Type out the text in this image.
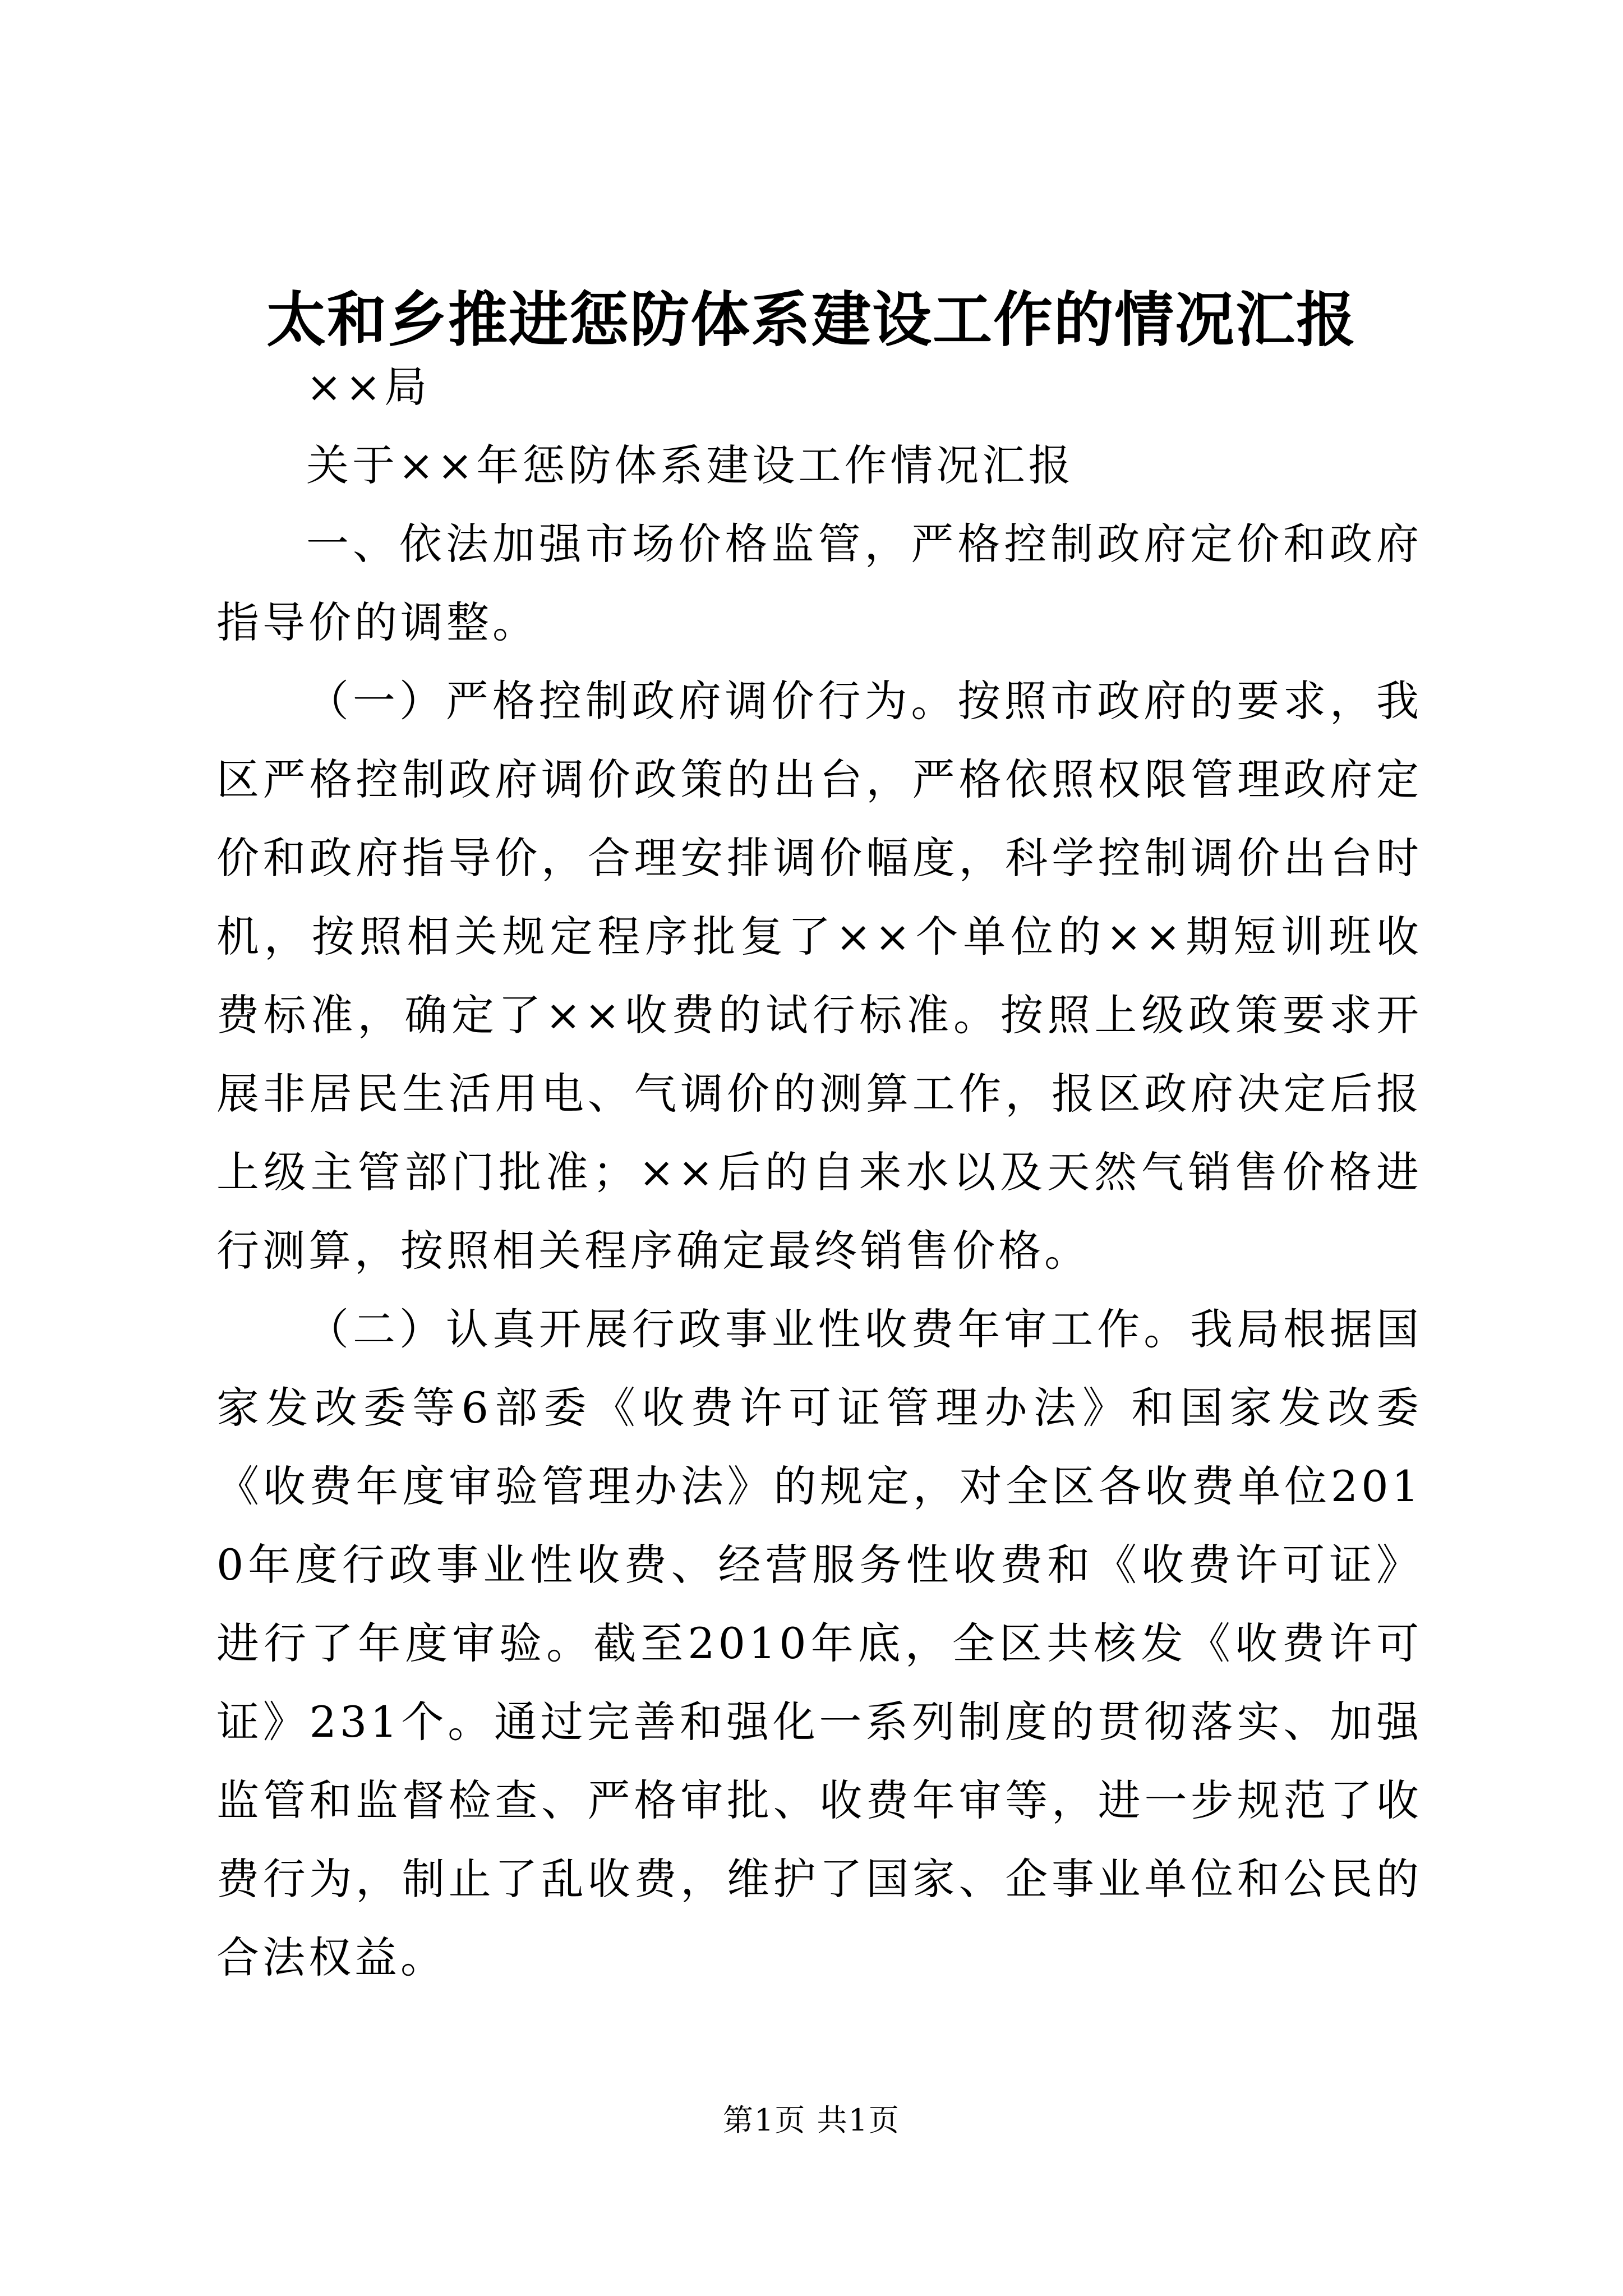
太和乡推进惩防体系建设工作的情况汇报

××局

关于××年惩防体系建设工作情况汇报

一、依法加强市场价格监管，严格控制政府定价和政府指导价的调整。

（一）严格控制政府调价行为。按照市政府的要求，我区严格控制政府调价政策的出台，严格依照权限管理政府定价和政府指导价，合理安排调价幅度，科学控制调价出台时机，按照相关规定程序批复了××个单位的××期短训班收费标准，确定了××收费的试行标准。按照上级政策要求开展非居民生活用电、气调价的测算工作，报区政府决定后报上级主管部门批准；××后的自来水以及天然气销售价格进行测算，按照相关程序确定最终销售价格。

（二）认真开展行政事业性收费年审工作。我局根据国家发改委等6部委《收费许可证管理办法》和国家发改委《收费年度审验管理办法》的规定，对全区各收费单位2010年度行政事业性收费、经营服务性收费和《收费许可证》进行了年度审验。截至2010年底，全区共核发《收费许可证》231个。通过完善和强化一系列制度的贯彻落实、加强监管和监督检查、严格审批、收费年审等，进一步规范了收费行为，制止了乱收费，维护了国家、企事业单位和公民的合法权益。

第1页 共1页
